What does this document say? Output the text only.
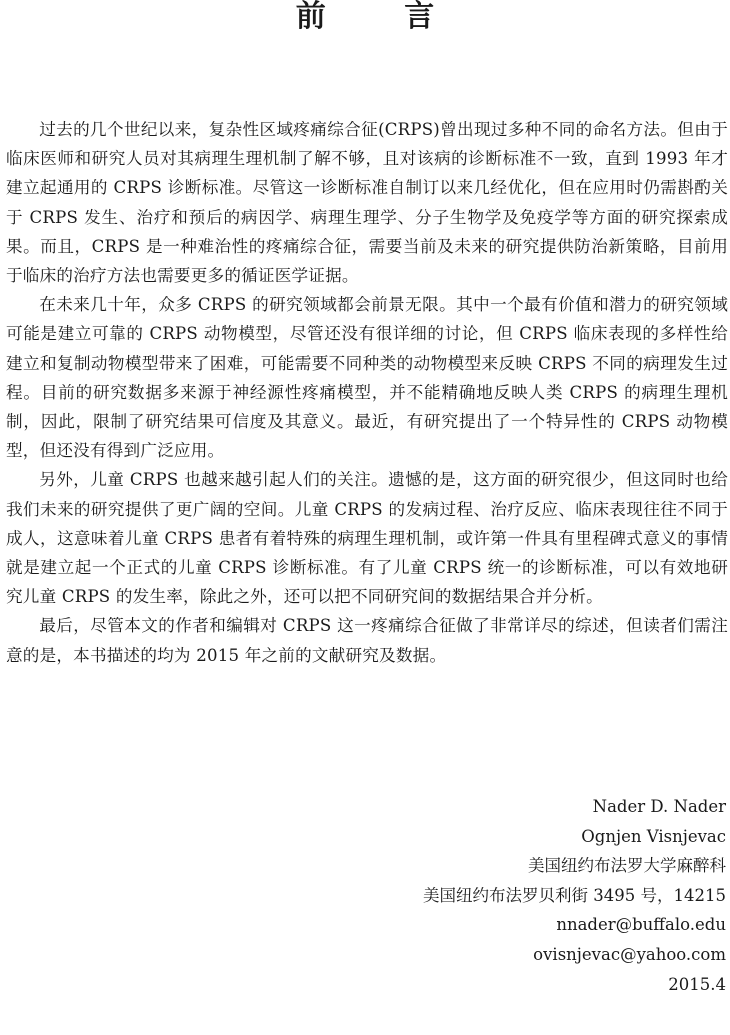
前 言

过去的几个世纪以来，复杂性区域疼痛综合征(CRPS)曾出现过多种不同的命名方法。但由于临床医师和研究人员对其病理生理机制了解不够，且对该病的诊断标准不一致，直到 1993 年才建立起通用的 CRPS 诊断标准。尽管这一诊断标准自制订以来几经优化，但在应用时仍需斟酌关于 CRPS 发生、治疗和预后的病因学、病理生理学、分子生物学及免疫学等方面的研究探索成果。而且，CRPS 是一种难治性的疼痛综合征，需要当前及未来的研究提供防治新策略，目前用于临床的治疗方法也需要更多的循证医学证据。

在未来几十年，众多 CRPS 的研究领域都会前景无限。其中一个最有价值和潜力的研究领域可能是建立可靠的 CRPS 动物模型，尽管还没有很详细的讨论，但 CRPS 临床表现的多样性给建立和复制动物模型带来了困难，可能需要不同种类的动物模型来反映 CRPS 不同的病理发生过程。目前的研究数据多来源于神经源性疼痛模型，并不能精确地反映人类 CRPS 的病理生理机制，因此，限制了研究结果可信度及其意义。最近，有研究提出了一个特异性的 CRPS 动物模型，但还没有得到广泛应用。

另外，儿童 CRPS 也越来越引起人们的关注。遗憾的是，这方面的研究很少，但这同时也给我们未来的研究提供了更广阔的空间。儿童 CRPS 的发病过程、治疗反应、临床表现往往不同于成人，这意味着儿童 CRPS 患者有着特殊的病理生理机制，或许第一件具有里程碑式意义的事情就是建立起一个正式的儿童 CRPS 诊断标准。有了儿童 CRPS 统一的诊断标准，可以有效地研究儿童 CRPS 的发生率，除此之外，还可以把不同研究间的数据结果合并分析。

最后，尽管本文的作者和编辑对 CRPS 这一疼痛综合征做了非常详尽的综述，但读者们需注意的是，本书描述的均为 2015 年之前的文献研究及数据。

Nader D. Nader
Ognjen Visnjevac
美国纽约布法罗大学麻醉科
美国纽约布法罗贝利街 3495 号，14215
nnader@buffalo.edu
ovisnjevac@yahoo.com
2015.4
